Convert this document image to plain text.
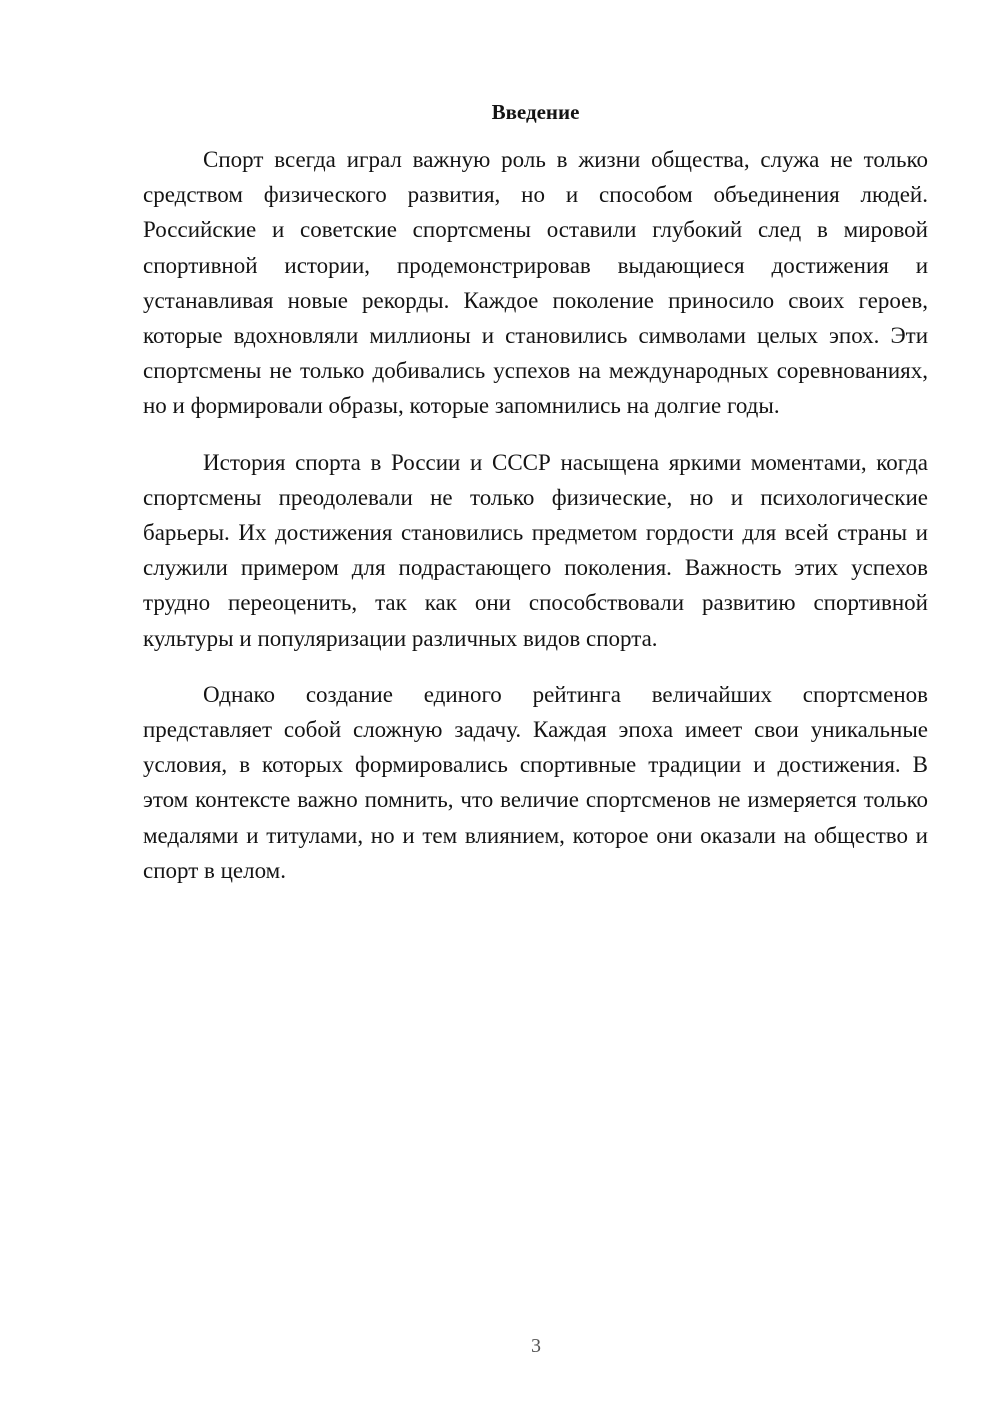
Введение

Спорт всегда играл важную роль в жизни общества, служа не только средством физического развития, но и способом объединения людей. Российские и советские спортсмены оставили глубокий след в мировой спортивной истории, продемонстрировав выдающиеся достижения и устанавливая новые рекорды. Каждое поколение приносило своих героев, которые вдохновляли миллионы и становились символами целых эпох. Эти спортсмены не только добивались успехов на международных соревнованиях, но и формировали образы, которые запомнились на долгие годы.

История спорта в России и СССР насыщена яркими моментами, когда спортсмены преодолевали не только физические, но и психологические барьеры. Их достижения становились предметом гордости для всей страны и служили примером для подрастающего поколения. Важность этих успехов трудно переоценить, так как они способствовали развитию спортивной культуры и популяризации различных видов спорта.

Однако создание единого рейтинга величайших спортсменов представляет собой сложную задачу. Каждая эпоха имеет свои уникальные условия, в которых формировались спортивные традиции и достижения. В этом контексте важно помнить, что величие спортсменов не измеряется только медалями и титулами, но и тем влиянием, которое они оказали на общество и спорт в целом.

3
